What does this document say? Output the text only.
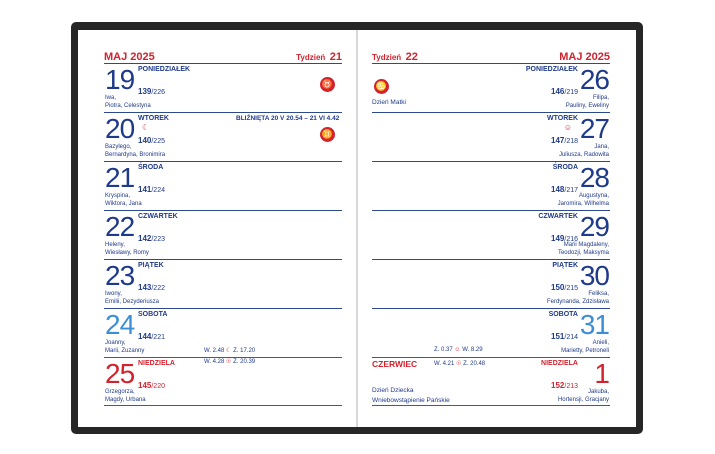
MAJ 2025	Tydzień 21
19 PONIEDZIAŁEK
139/226
Iwa,
Piotra, Celestyna
♉
20 WTOREK
☾
140/225
Bazylego,
Bernardyna, Bronimira
BLIŹNIĘTA 20 V 20.54 – 21 VI 4.42
♊
21 ŚRODA
141/224
Kryspina,
Wiktora, Jana
22 CZWARTEK
142/223
Heleny,
Wiesławy, Romy
23 PIĄTEK
143/222
Iwony,
Emilii, Dezyderiusza
24 SOBOTA
144/221
Joanny,
Marii, Zuzanny	W. 2.48 ☾ Z. 17.20
25 NIEDZIELA
145/220
Grzegorza,
Magdy, Urbana
W. 4.28 ☉ Z. 20.39
Tydzień 22	MAJ 2025
♋
Dzień Matki
26
PONIEDZIAŁEK
146/219
Filipa,
Pauliny, Eweliny
27
WTOREK
☺
147/218
Jana,
Juliusza, Radowita
28
ŚRODA
148/217
Augustyna,
Jaromira, Wilhelma
29
CZWARTEK
149/216
Marii Magdaleny,
Teodozji, Maksyma
30
PIĄTEK
150/215
Feliksa,
Ferdynanda, Zdzisława
31
SOBOTA
151/214
Anieli,
Marietty, Petroneli
Z. 0.37 ☺ W. 8.29
CZERWIEC	W. 4.21 ☉ Z. 20.48
Dzień Dziecka
Wniebowstąpienie Pańskie
1
NIEDZIELA
152/213
Jakuba,
Hortensji, Gracjany
